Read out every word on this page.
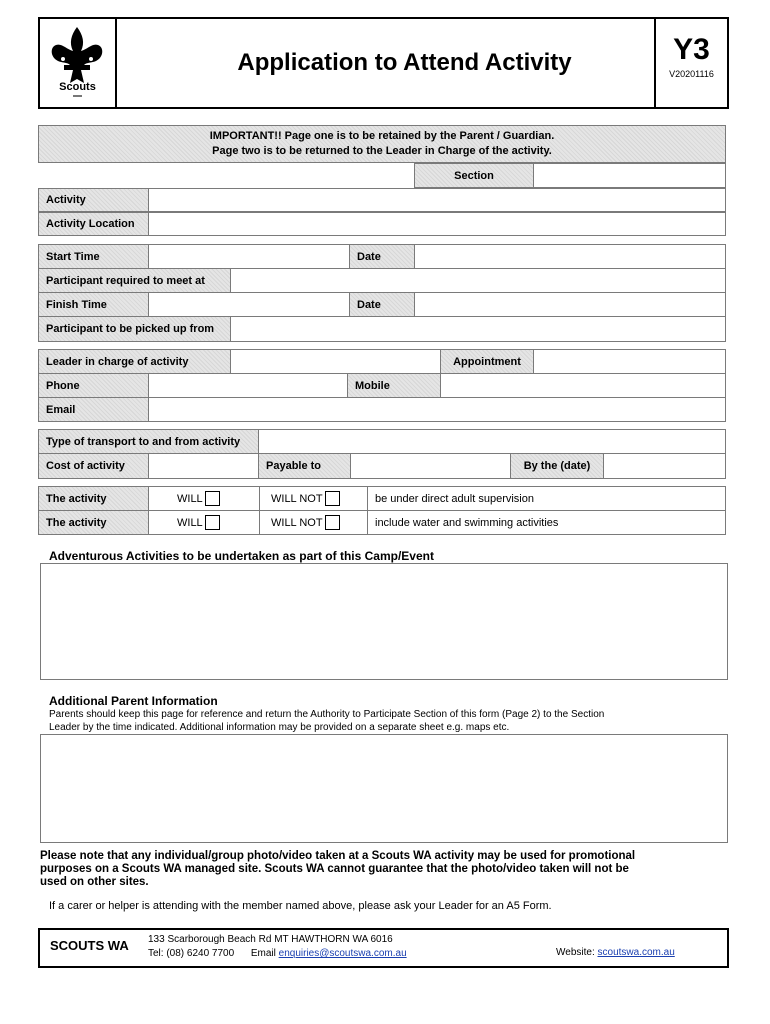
Scouts
Application to Attend Activity	Y3
V20201116
IMPORTANT!! Page one is to be retained by the Parent / Guardian.
Page two is to be returned to the Leader in Charge of the activity.
Section
Activity
Activity Location
Start Time	Date
Participant required to meet at
Finish Time	Date
Participant to be picked up from
Leader in charge of activity	Appointment
Phone	Mobile
Email
Type of transport to and from activity
Cost of activity	Payable to	By the (date)
The activity	WILL	WILL NOT	be under direct adult supervision
The activity	WILL	WILL NOT	include water and swimming activities
Adventurous Activities to be undertaken as part of this Camp/Event
Additional Parent Information
Parents should keep this page for reference and return the Authority to Participate Section of this form (Page 2) to the Section
Leader by the time indicated. Additional information may be provided on a separate sheet e.g. maps etc.
Please note that any individual/group photo/video taken at a Scouts WA activity may be used for promotional
purposes on a Scouts WA managed site. Scouts WA cannot guarantee that the photo/video taken will not be
used on other sites.
If a carer or helper is attending with the member named above, please ask your Leader for an A5 Form.
SCOUTS WA 133 Scarborough Beach Rd MT HAWTHORN WA 6016
Tel: (08) 6240 7700 Email enquiries@scoutswa.com.au	Website: scoutswa.com.au
